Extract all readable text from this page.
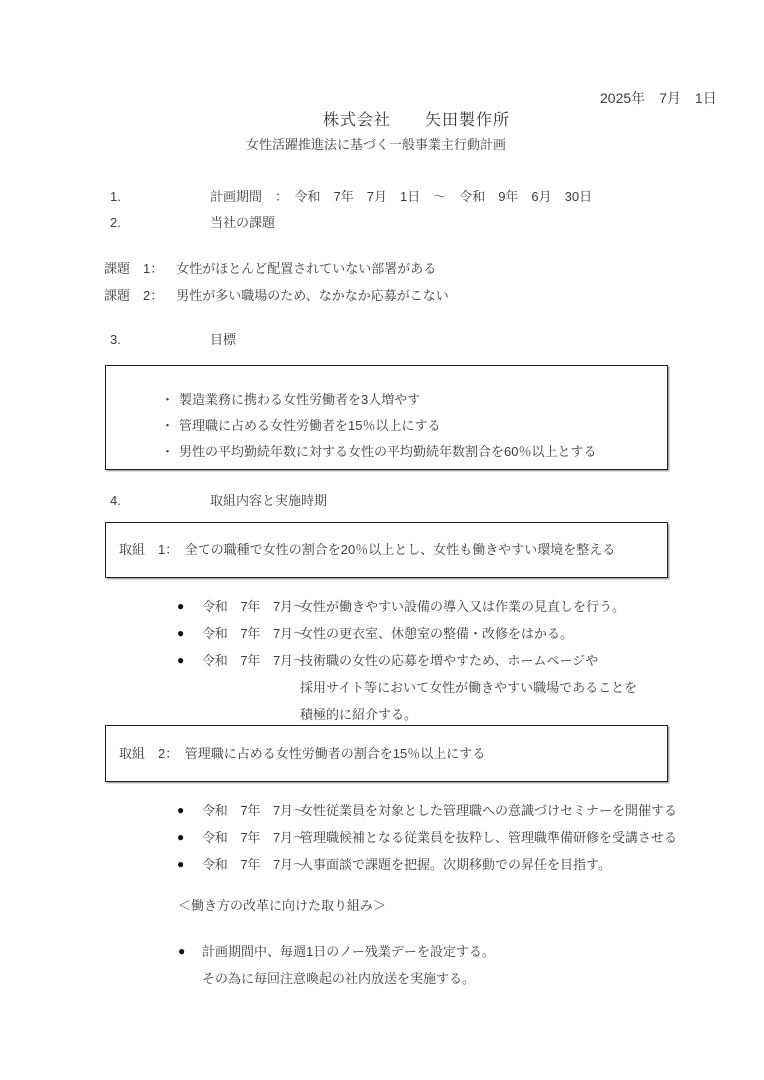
2025年　7月　1日
株式会社　　矢田製作所
女性活躍推進法に基づく一般事業主行動計画
1.	計画期間　：　令和　7年　7月　1日　～　令和　9年　6月　30日
2.	当社の課題
課題　1： 女性がほとんど配置されていない部署がある
課題　2： 男性が多い職場のため、なかなか応募がこない
3.	目標
・ 製造業務に携わる女性労働者を3人増やす
・ 管理職に占める女性労働者を15％以上にする
・ 男性の平均勤続年数に対する女性の平均勤続年数割合を60％以上とする
4.	取組内容と実施時期
取組　1：　全ての職種で女性の割合を20％以上とし、女性も働きやすい環境を整える
● 令和　7年　7月～
女性が働きやすい設備の導入又は作業の見直しを行う。
● 令和　7年　7月～
女性の更衣室、休憩室の整備・改修をはかる。
● 令和　7年　7月～
技術職の女性の応募を増やすため、ホームページや
採用サイト等において女性が働きやすい職場であることを
積極的に紹介する。
取組　2：　管理職に占める女性労働者の割合を15％以上にする
● 令和　7年　7月～
女性従業員を対象とした管理職への意識づけセミナーを開催する
● 令和　7年　7月～
管理職候補となる従業員を抜粋し、管理職準備研修を受講させる
● 令和　7年　7月～
人事面談で課題を把握。次期移動での昇任を目指す。
＜働き方の改革に向けた取り組み＞
● 計画期間中、毎週1日のノー残業デーを設定する。
その為に毎回注意喚起の社内放送を実施する。
